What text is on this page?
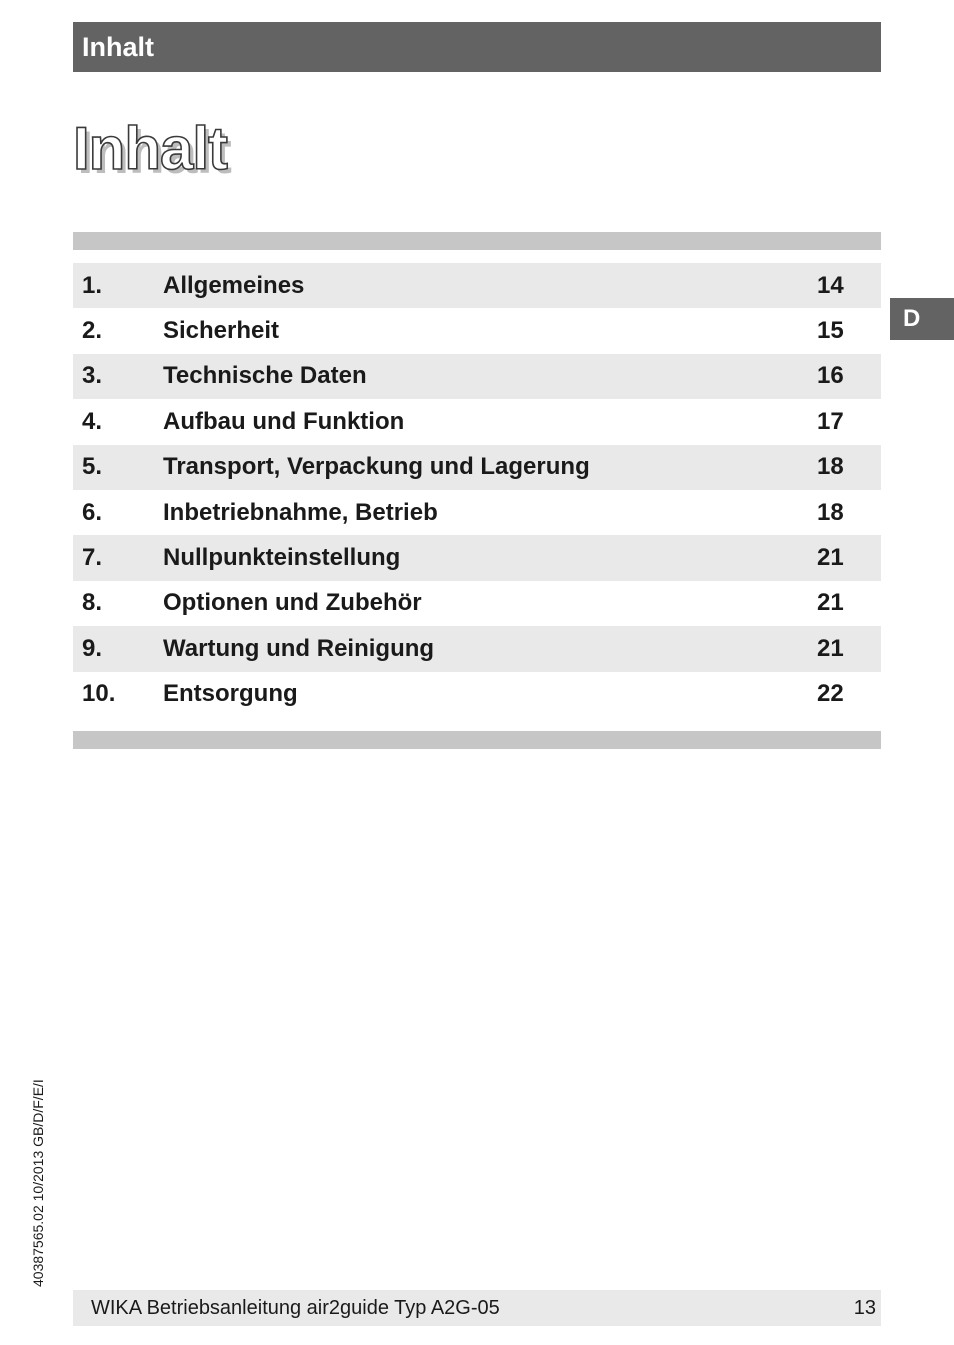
Inhalt
Inhalt
1.	Allgemeines	14
2.	Sicherheit	15
3.	Technische Daten	16
4.	Aufbau und Funktion	17
5.	Transport, Verpackung und Lagerung	18
6.	Inbetriebnahme, Betrieb	18
7.	Nullpunkteinstellung	21
8.	Optionen und Zubehör	21
9.	Wartung und Reinigung	21
10.	Entsorgung	22
D
40387565.02 10/2013 GB/D/F/E/I
WIKA Betriebsanleitung air2guide Typ A2G-05	13
